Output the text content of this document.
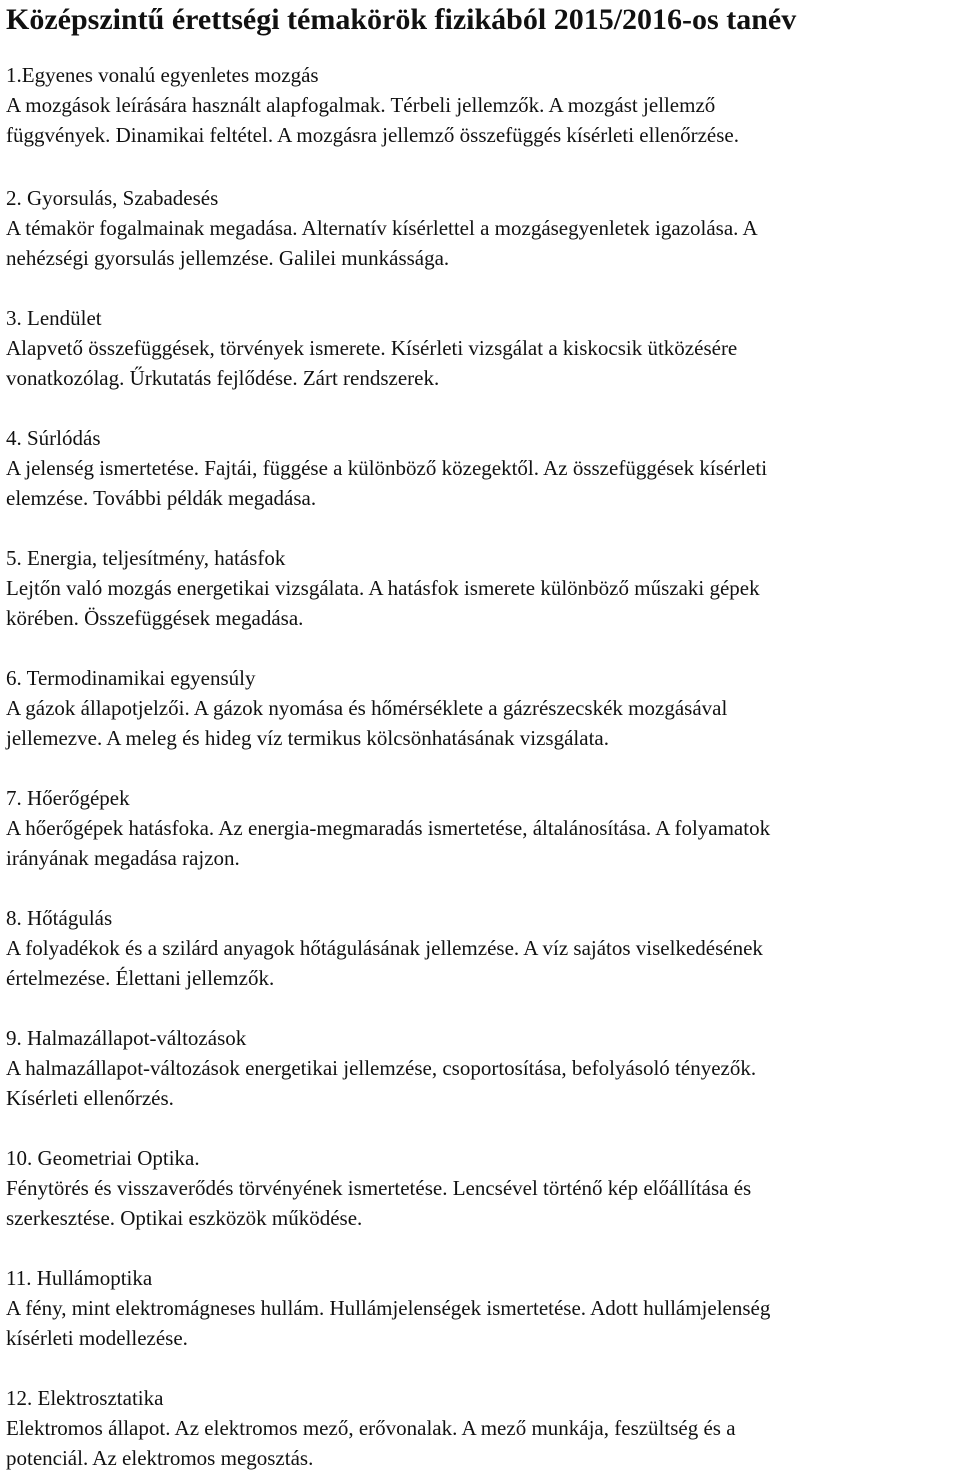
Középszintű érettségi témakörök fizikából 2015/2016-os tanév
1.Egyenes vonalú egyenletes mozgás
A mozgások leírására használt alapfogalmak. Térbeli jellemzők. A mozgást jellemző
függvények. Dinamikai feltétel. A mozgásra jellemző összefüggés kísérleti ellenőrzése.
2. Gyorsulás, Szabadesés
A témakör fogalmainak megadása. Alternatív kísérlettel a mozgásegyenletek igazolása. A
nehézségi gyorsulás jellemzése. Galilei munkássága.
3. Lendület
Alapvető összefüggések, törvények ismerete. Kísérleti vizsgálat a kiskocsik ütközésére
vonatkozólag. Űrkutatás fejlődése. Zárt rendszerek.
4. Súrlódás
A jelenség ismertetése. Fajtái, függése a különböző közegektől. Az összefüggések kísérleti
elemzése. További példák megadása.
5. Energia, teljesítmény, hatásfok
Lejtőn való mozgás energetikai vizsgálata. A hatásfok ismerete különböző műszaki gépek
körében. Összefüggések megadása.
6. Termodinamikai egyensúly
A gázok állapotjelzői. A gázok nyomása és hőmérséklete a gázrészecskék mozgásával
jellemezve. A meleg és hideg víz termikus kölcsönhatásának vizsgálata.
7. Hőerőgépek
A hőerőgépek hatásfoka. Az energia-megmaradás ismertetése, általánosítása. A folyamatok
irányának megadása rajzon.
8. Hőtágulás
A folyadékok és a szilárd anyagok hőtágulásának jellemzése. A víz sajátos viselkedésének
értelmezése. Élettani jellemzők.
9. Halmazállapot-változások
A halmazállapot-változások energetikai jellemzése, csoportosítása, befolyásoló tényezők.
Kísérleti ellenőrzés.
10. Geometriai Optika.
Fénytörés és visszaverődés törvényének ismertetése. Lencsével történő kép előállítása és
szerkesztése. Optikai eszközök működése.
11. Hullámoptika
A fény, mint elektromágneses hullám. Hullámjelenségek ismertetése. Adott hullámjelenség
kísérleti modellezése.
12. Elektrosztatika
Elektromos állapot. Az elektromos mező, erővonalak. A mező munkája, feszültség és a
potenciál. Az elektromos megosztás.
